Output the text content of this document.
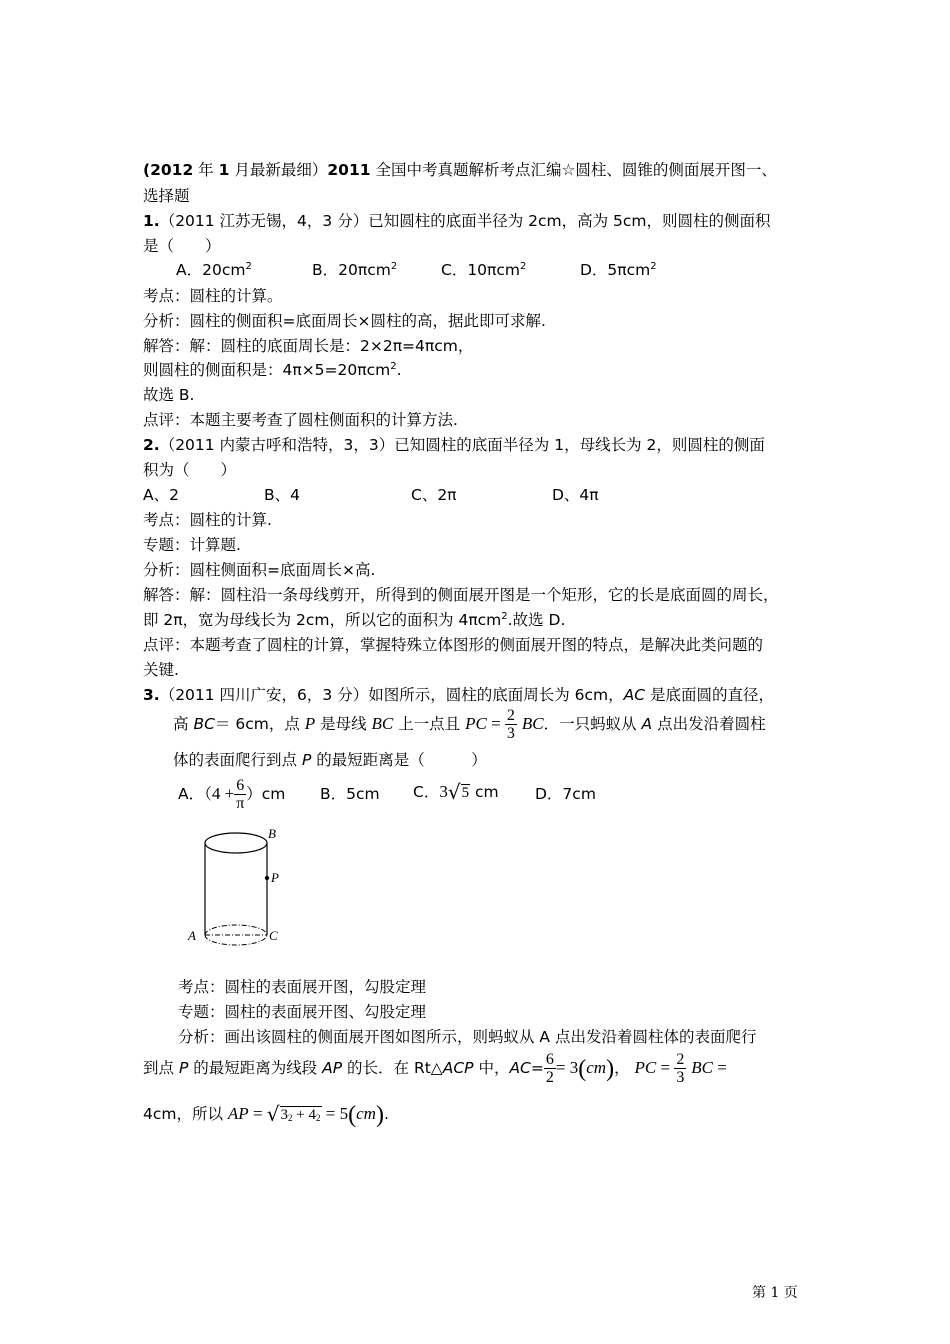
(2012 年 1 月最新最细）2011 全国中考真题解析考点汇编☆圆柱、圆锥的侧面展开图一、
选择题
1.（2011 江苏无锡，4，3 分）已知圆柱的底面半径为 2cm，高为 5cm，则圆柱的侧面积
是（　　）
A．$20cm^2$	B．20πcm$^2$	C．10πcm$^2$	D．5πcm$^2$
考点：圆柱的计算。
分析：圆柱的侧面积=底面周长×圆柱的高，据此即可求解.
解答：解：圆柱的底面周长是：2×2π=4πcm，
则圆柱的侧面积是：4π×5=20πcm$^2$.
故选 B.
点评：本题主要考查了圆柱侧面积的计算方法.
2.（2011 内蒙古呼和浩特，3，3）已知圆柱的底面半径为 1，母线长为 2，则圆柱的侧面
积为（　　）
A、2	B、4	C、2π	D、4π
考点：圆柱的计算.
专题：计算题.
分析：圆柱侧面积=底面周长×高.
解答：解：圆柱沿一条母线剪开，所得到的侧面展开图是一个矩形，它的长是底面圆的周长，
即 2π，宽为母线长为 2cm，所以它的面积为 4πcm$^2$.故选 D.
点评：本题考查了圆柱的计算，掌握特殊立体图形的侧面展开图的特点，是解决此类问题的
关键.
3.（2011 四川广安，6，3 分）如图所示，圆柱的底面周长为 6cm，AC 是底面圆的直径，
高 BC＝ 6cm，点 P 是母线 BC 上一点且 PC = $\frac{2}{3}$ BC．一只蚂蚁从 A 点出发沿着圆柱
体的表面爬行到点 P 的最短距离是（　　　）
A．$(4 + \frac{6}{\pi} )cm$ B．5cm C．3√5 cm D．7cm
B
P
A	C
考点：圆柱的表面展开图，勾股定理
专题：圆柱的表面展开图、勾股定理
分析：画出该圆柱的侧面展开图如图所示，则蚂蚁从 A 点出发沿着圆柱体的表面爬行
到点 P 的最短距离为线段 AP 的长．在 Rt△ACP 中，$AC= \frac{6}{2} = 3(cm)$， PC = $\frac{2}{3}$ BC =
4cm，所以 AP = √32 + 42 = 5(cm).
第 1 页
